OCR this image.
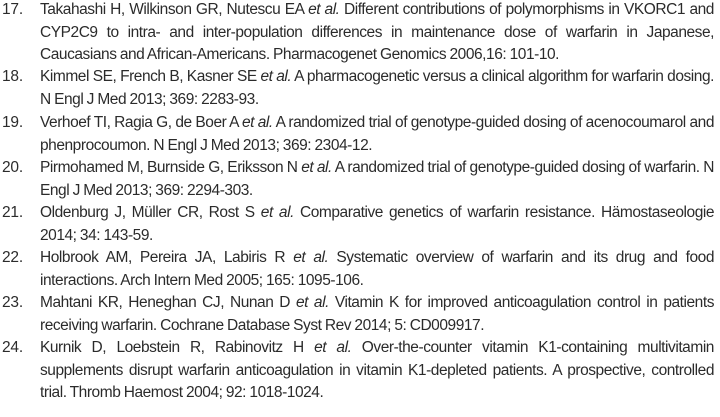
17. Takahashi H, Wilkinson GR, Nutescu EA et al. Different contributions of polymorphisms in VKORC1 and CYP2C9 to intra- and inter-population differences in maintenance dose of warfarin in Japanese, Caucasians and African-Americans. Pharmacogenet Genomics 2006,16: 101-10.
18. Kimmel SE, French B, Kasner SE et al. A pharmacogenetic versus a clinical algorithm for warfarin dosing. N Engl J Med 2013; 369: 2283-93.
19. Verhoef TI, Ragia G, de Boer A et al. A randomized trial of genotype-guided dosing of acenocoumarol and phenprocoumon. N Engl J Med 2013; 369: 2304-12.
20. Pirmohamed M, Burnside G, Eriksson N et al. A randomized trial of genotype-guided dosing of warfarin. N Engl J Med 2013; 369: 2294-303.
21. Oldenburg J, Müller CR, Rost S et al. Comparative genetics of warfarin resistance. Hämostaseologie 2014; 34: 143-59.
22. Holbrook AM, Pereira JA, Labiris R et al. Systematic overview of warfarin and its drug and food interactions. Arch Intern Med 2005; 165: 1095-106.
23. Mahtani KR, Heneghan CJ, Nunan D et al. Vitamin K for improved anticoagulation control in patients receiving warfarin. Cochrane Database Syst Rev 2014; 5: CD009917.
24. Kurnik D, Loebstein R, Rabinovitz H et al. Over-the-counter vitamin K1-containing multivitamin supplements disrupt warfarin anticoagulation in vitamin K1-depleted patients. A prospective, controlled trial. Thromb Haemost 2004; 92: 1018-1024.
